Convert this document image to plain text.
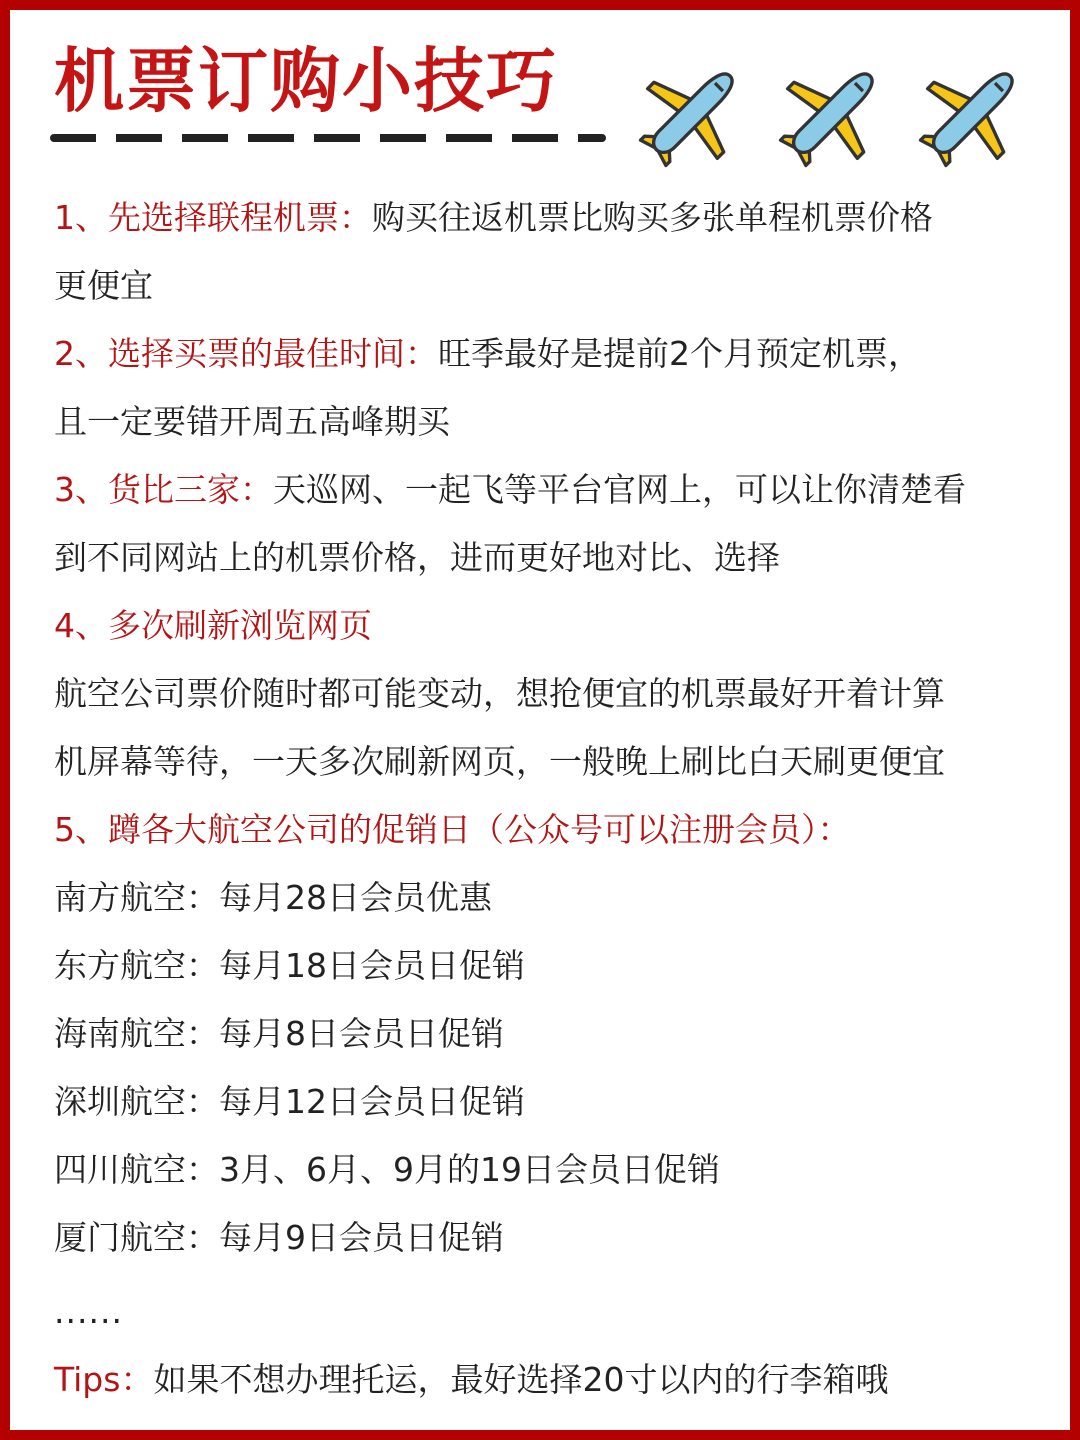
机票订购小技巧
1、先选择联程机票：购买往返机票比购买多张单程机票价格
更便宜
2、选择买票的最佳时间：旺季最好是提前2个月预定机票，
且一定要错开周五高峰期买
3、货比三家：天巡网、一起飞等平台官网上，可以让你清楚看
到不同网站上的机票价格，进而更好地对比、选择
4、多次刷新浏览网页
航空公司票价随时都可能变动，想抢便宜的机票最好开着计算
机屏幕等待，一天多次刷新网页，一般晚上刷比白天刷更便宜
5、蹲各大航空公司的促销日（公众号可以注册会员）：
南方航空：每月28日会员优惠
东方航空：每月18日会员日促销
海南航空：每月8日会员日促销
深圳航空：每月12日会员日促销
四川航空：3月、6月、9月的19日会员日促销
厦门航空：每月9日会员日促销
......
Tips：如果不想办理托运，最好选择20寸以内的行李箱哦
